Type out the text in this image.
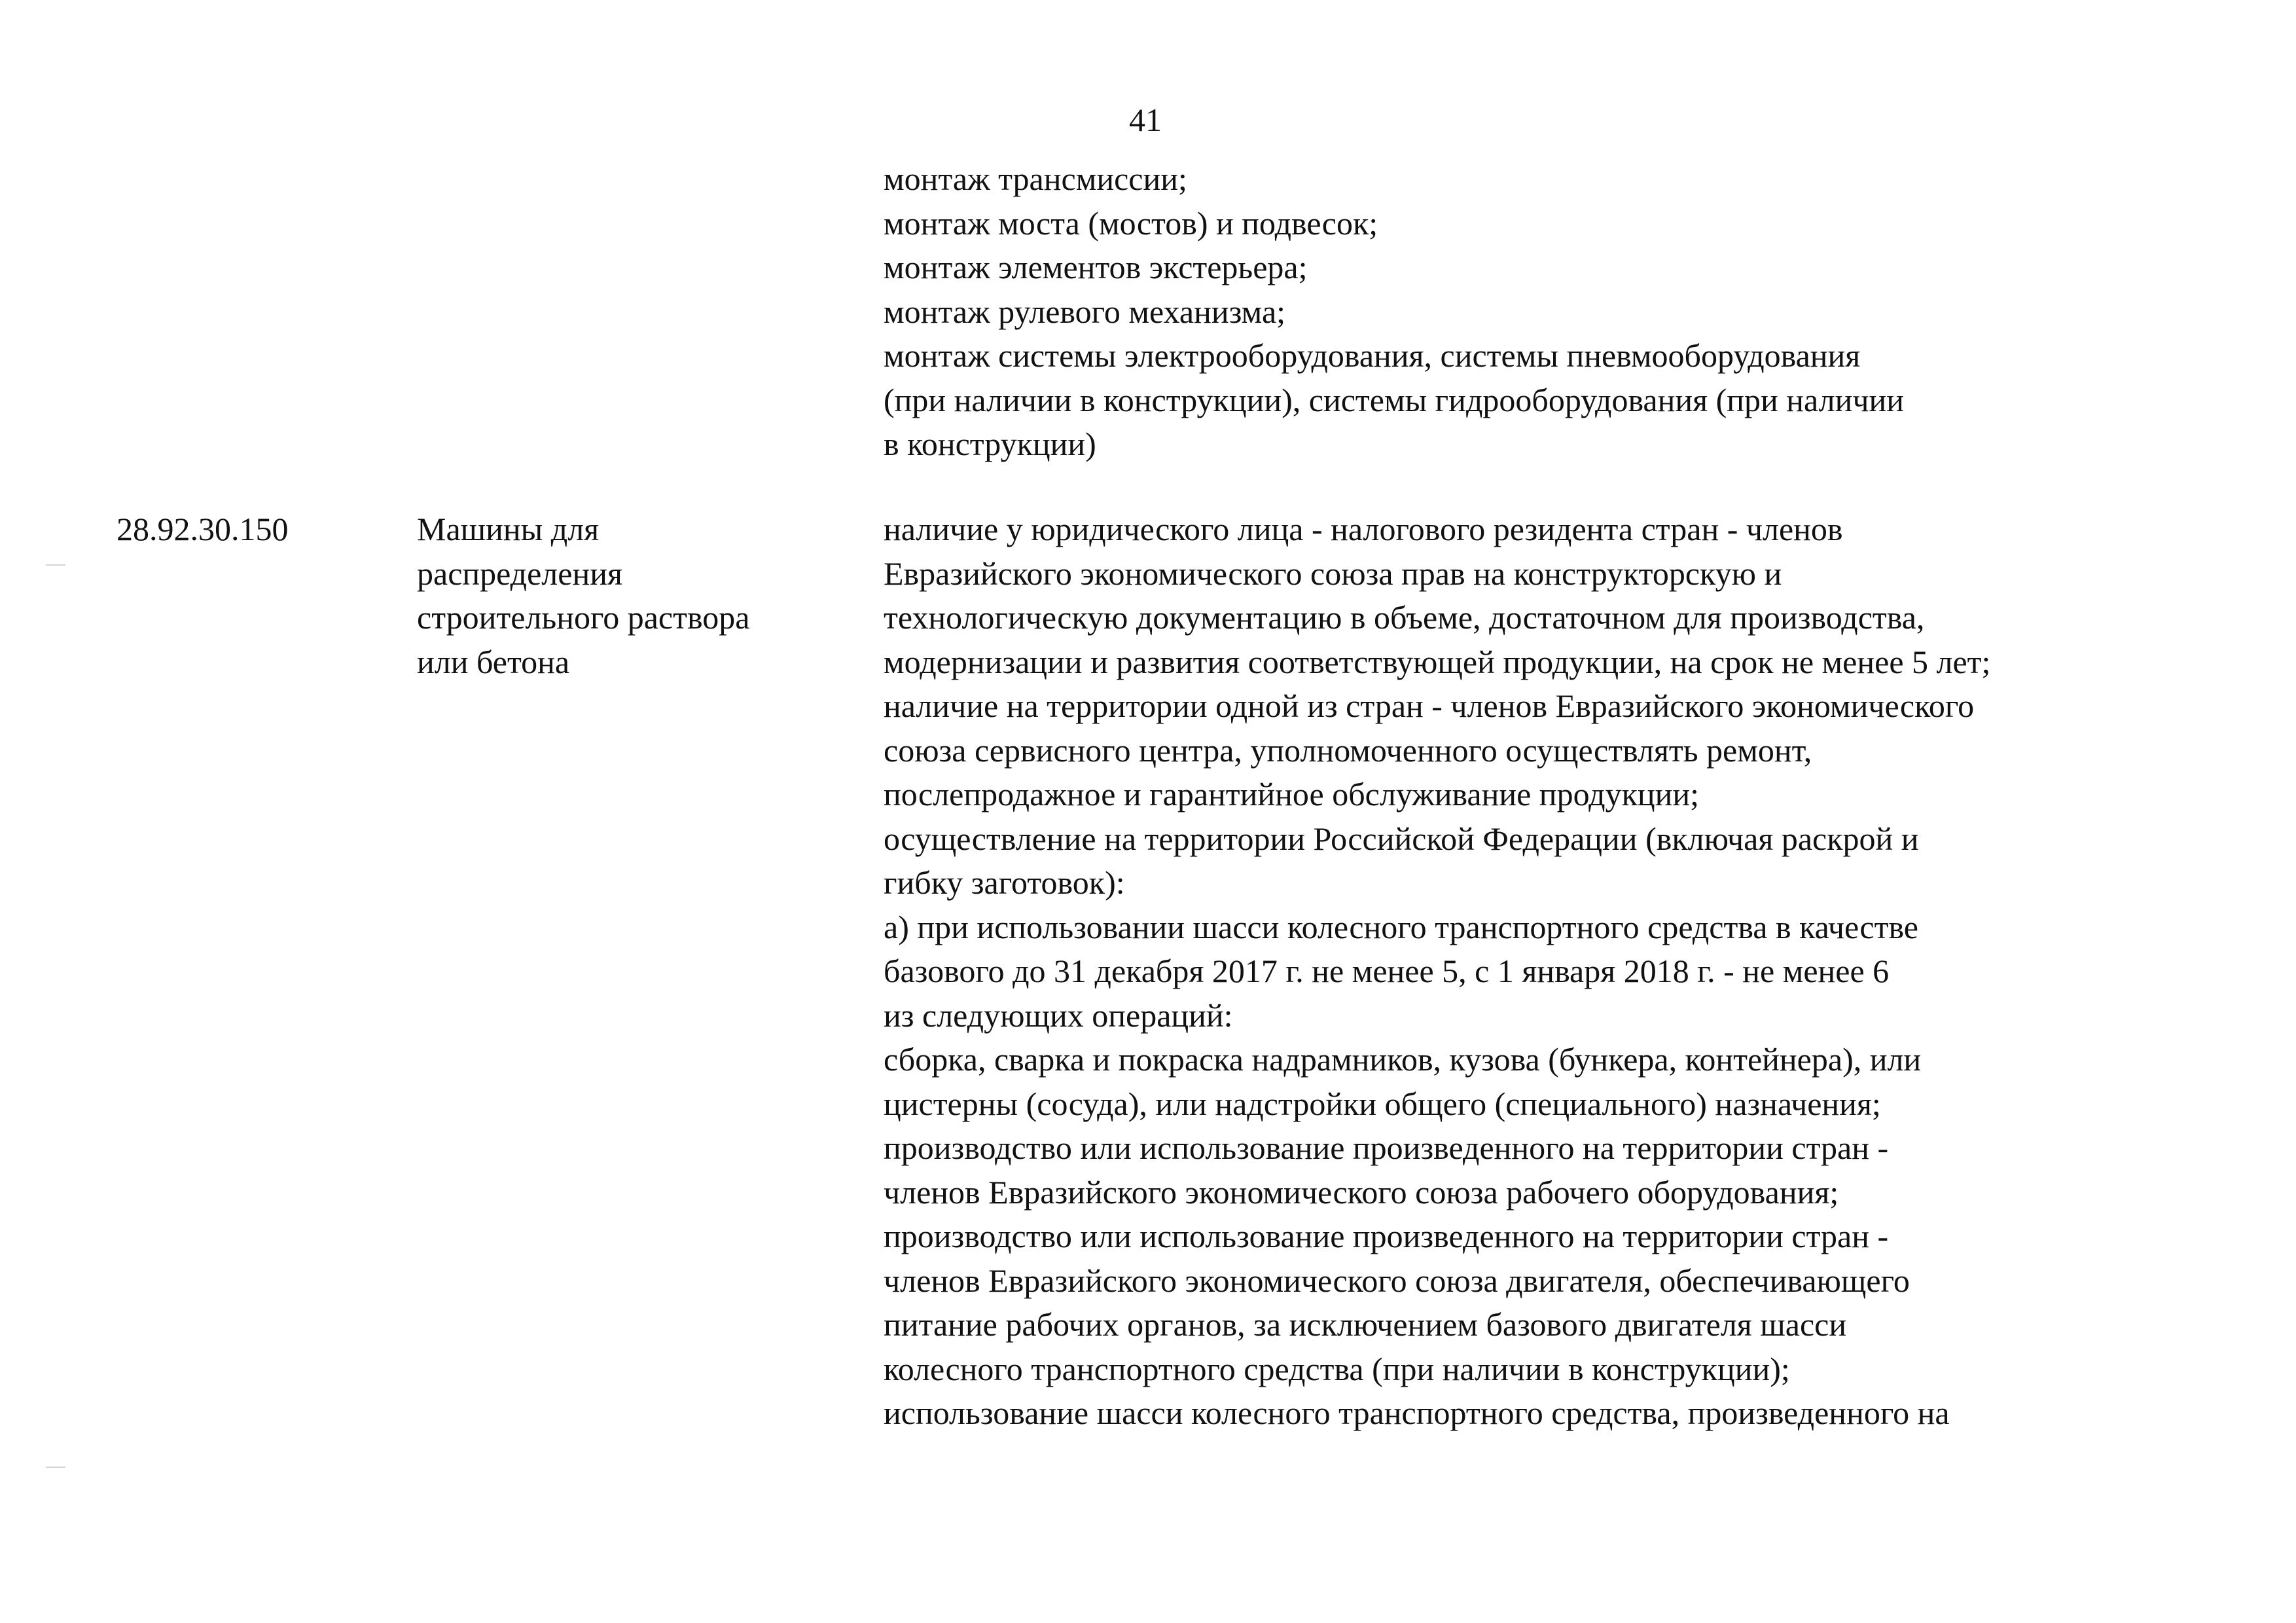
41
монтаж трансмиссии;
монтаж моста (мостов) и подвесок;
монтаж элементов экстерьера;
монтаж рулевого механизма;
монтаж системы электрооборудования, системы пневмооборудования
(при наличии в конструкции), системы гидрооборудования (при наличии
в конструкции)
28.92.30.150	Машины для
распределения
строительного раствора
или бетона
наличие у юридического лица - налогового резидента стран - членов
Евразийского экономического союза прав на конструкторскую и
технологическую документацию в объеме, достаточном для производства,
модернизации и развития соответствующей продукции, на срок не менее 5 лет;
наличие на территории одной из стран - членов Евразийского экономического
союза сервисного центра, уполномоченного осуществлять ремонт,
послепродажное и гарантийное обслуживание продукции;
осуществление на территории Российской Федерации (включая раскрой и
гибку заготовок):
а) при использовании шасси колесного транспортного средства в качестве
базового до 31 декабря 2017 г. не менее 5, с 1 января 2018 г. - не менее 6
из следующих операций:
сборка, сварка и покраска надрамников, кузова (бункера, контейнера), или
цистерны (сосуда), или надстройки общего (специального) назначения;
производство или использование произведенного на территории стран -
членов Евразийского экономического союза рабочего оборудования;
производство или использование произведенного на территории стран -
членов Евразийского экономического союза двигателя, обеспечивающего
питание рабочих органов, за исключением базового двигателя шасси
колесного транспортного средства (при наличии в конструкции);
использование шасси колесного транспортного средства, произведенного на
